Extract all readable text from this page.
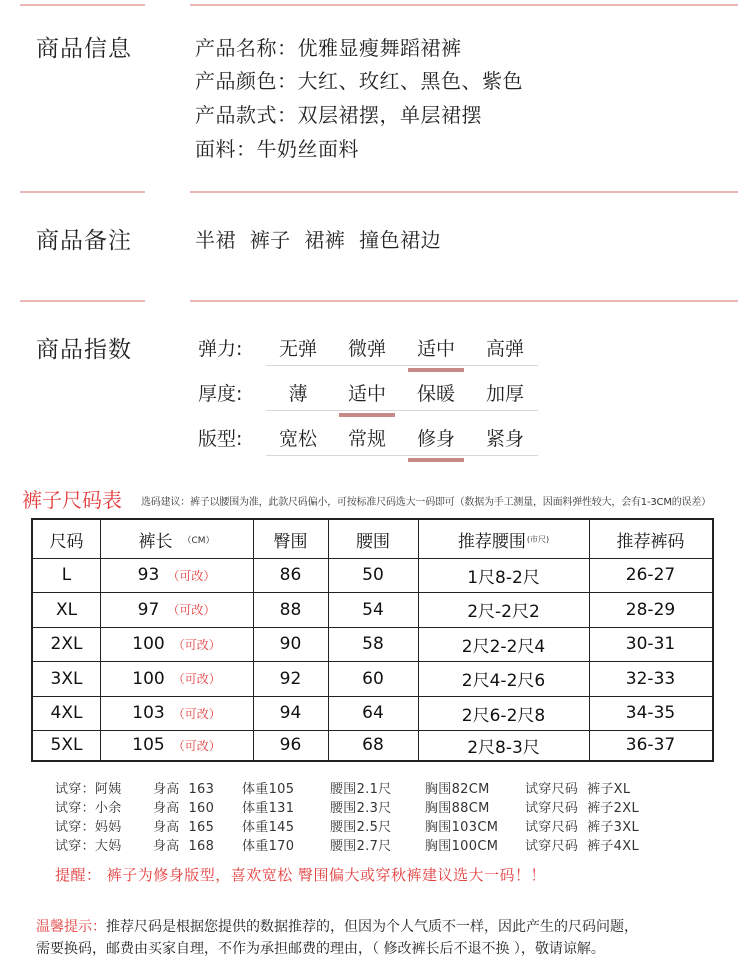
商品信息	产品名称：优雅显瘦舞蹈裙裤
产品颜色：大红、玫红、黑色、紫色
产品款式：双层裙摆，单层裙摆
面料：牛奶丝面料
商品备注	半裙  裤子  裙裤  撞色裙边
商品指数	弹力:	无弹	微弹	适中	高弹
厚度:	薄	适中	保暖	加厚
版型:	宽松	常规	修身	紧身
裤子尺码表 选码建议：裤子以腰围为准，此款尺码偏小，可按标准尺码选大一码即可（数据为手工测量，因面料弹性较大，会有1-3CM的误差）
尺码	裤长 （CM）	臀围	腰围	推荐腰围 (市尺)	推荐裤码
L	93 （可改）	86	50	1尺8-2尺	26-27
XL	97 （可改）	88	54	2尺-2尺2	28-29
2XL	100 （可改）	90	58	2尺2-2尺4	30-31
3XL	100 （可改）	92	60	2尺4-2尺6	32-33
4XL	103 （可改）	94	64	2尺6-2尺8	34-35
5XL	105 （可改）	96	68	2尺8-3尺	36-37
试穿：阿姨 身高  163 体重105	腰围2.1尺	胸围82CM	试穿尺码  裤子XL
试穿：小余 身高  160 体重131	腰围2.3尺	胸围88CM	试穿尺码  裤子2XL
试穿：妈妈 身高  165 体重145	腰围2.5尺	胸围103CM 试穿尺码  裤子3XL
试穿：大妈 身高  168 体重170	腰围2.7尺	胸围100CM 试穿尺码  裤子4XL
提醒： 裤子为修身版型，喜欢宽松 臀围偏大或穿秋裤建议选大一码！！
温馨提示：推荐尺码是根据您提供的数据推荐的，但因为个人气质不一样，因此产生的尺码问题，
需要换码，邮费由买家自理，不作为承担邮费的理由，（ 修改裤长后不退不换 ），敬请谅解。
